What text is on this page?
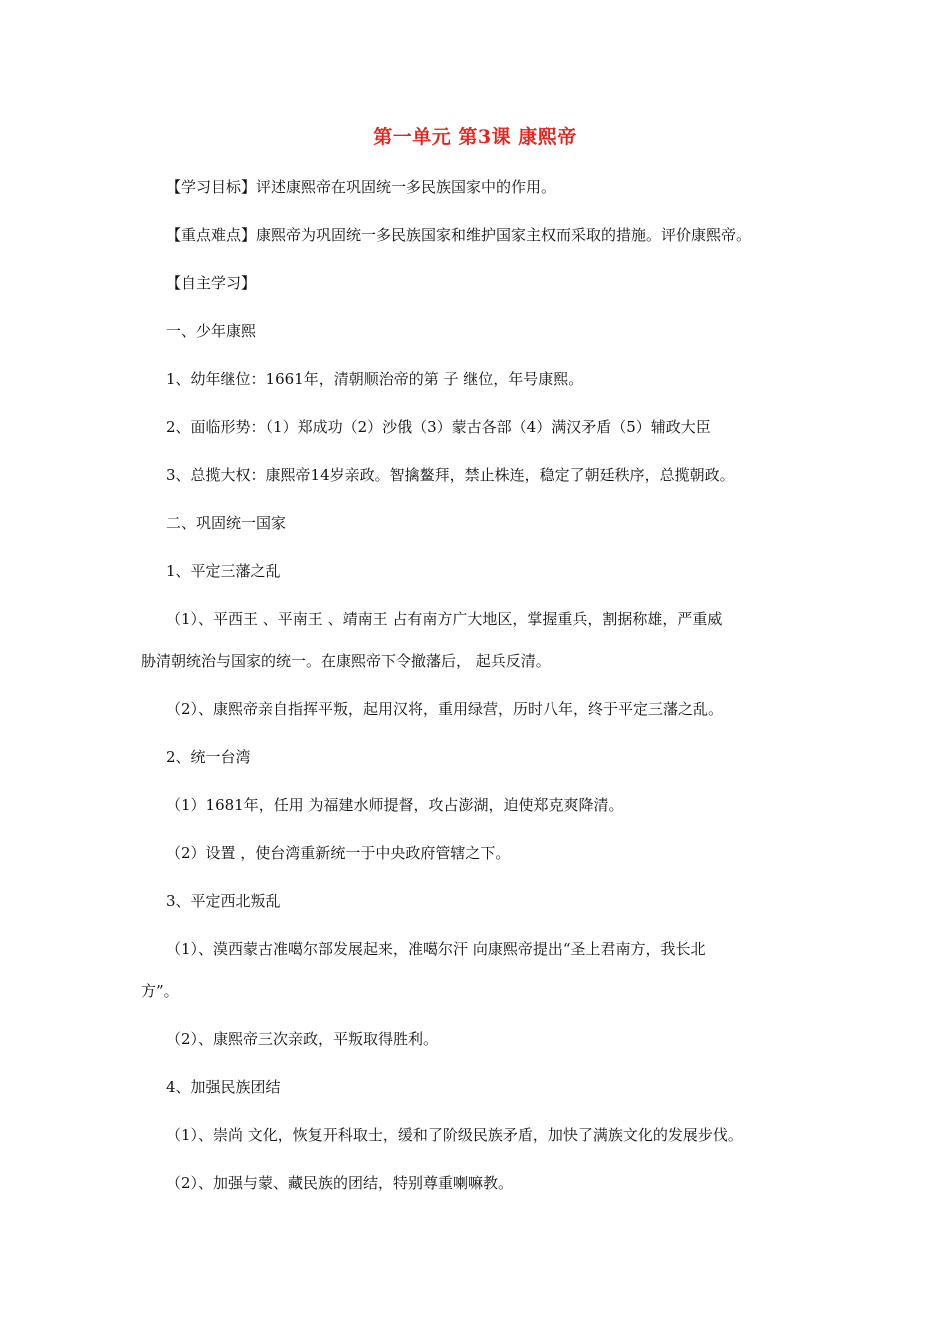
第一单元 第3课 康熙帝
【学习目标】评述康熙帝在巩固统一多民族国家中的作用。
【重点难点】康熙帝为巩固统一多民族国家和维护国家主权而采取的措施。评价康熙帝。
【自主学习】
一、少年康熙
1、幼年继位：1661年，清朝顺治帝的第 子 继位，年号康熙。
2、面临形势：（1）郑成功（2）沙俄（3）蒙古各部（4）满汉矛盾（5）辅政大臣
3、总揽大权：康熙帝14岁亲政。智擒鳌拜，禁止株连，稳定了朝廷秩序，总揽朝政。
二、巩固统一国家
1、平定三藩之乱
（1）、平西王 、平南王 、靖南王 占有南方广大地区，掌握重兵，割据称雄，严重威
胁清朝统治与国家的统一。在康熙帝下令撤藩后， 起兵反清。
（2）、康熙帝亲自指挥平叛，起用汉将，重用绿营，历时八年，终于平定三藩之乱。
2、统一台湾
（1）1681年，任用 为福建水师提督，攻占澎湖，迫使郑克爽降清。
（2）设置 ，使台湾重新统一于中央政府管辖之下。
3、平定西北叛乱
（1）、漠西蒙古准噶尔部发展起来，准噶尔汗 向康熙帝提出“圣上君南方，我长北
方”。
（2）、康熙帝三次亲政，平叛取得胜利。
4、加强民族团结
（1）、崇尚 文化，恢复开科取士，缓和了阶级民族矛盾，加快了满族文化的发展步伐。
（2）、加强与蒙、藏民族的团结，特别尊重喇嘛教。
